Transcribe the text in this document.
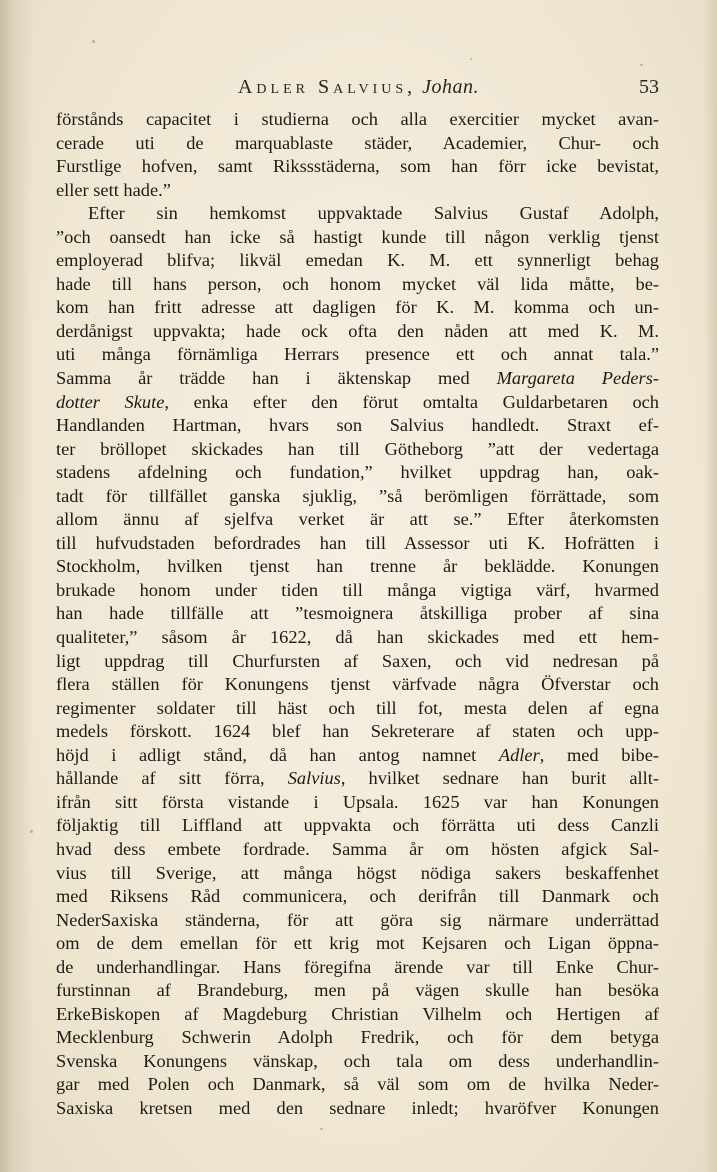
Adler Salvius, Johan.	53
förstånds capacitet i studierna och alla exercitier mycket avan-
cerade uti de marquablaste städer, Academier, Chur- och
Furstlige hofven, samt Rikssstäderna, som han förr icke bevistat,
eller sett hade.”
Efter sin hemkomst uppvaktade Salvius Gustaf Adolph,
”och oansedt han icke så hastigt kunde till någon verklig tjenst
employerad blifva; likväl emedan K. M. ett synnerligt behag
hade till hans person, och honom mycket väl lida måtte, be-
kom han fritt adresse att dagligen för K. M. komma och un-
derdånigst uppvakta; hade ock ofta den nåden att med K. M.
uti många förnämliga Herrars presence ett och annat tala.”
Samma år trädde han i äktenskap med Margareta Peders-
dotter Skute, enka efter den förut omtalta Guldarbetaren och
Handlanden Hartman, hvars son Salvius handledt. Straxt ef-
ter bröllopet skickades han till Götheborg ”att der vedertaga
stadens afdelning och fundation,” hvilket uppdrag han, oak-
tadt för tillfället ganska sjuklig, ”så berömligen förrättade, som
allom ännu af sjelfva verket är att se.” Efter återkomsten
till hufvudstaden befordrades han till Assessor uti K. Hofrätten i
Stockholm, hvilken tjenst han trenne år beklädde. Konungen
brukade honom under tiden till många vigtiga värf, hvarmed
han hade tillfälle att ”tesmoignera åtskilliga prober af sina
qualiteter,” såsom år 1622, då han skickades med ett hem-
ligt uppdrag till Churfursten af Saxen, och vid nedresan på
flera ställen för Konungens tjenst värfvade några Öfverstar och
regimenter soldater till häst och till fot, mesta delen af egna
medels förskott. 1624 blef han Sekreterare af staten och upp-
höjd i adligt stånd, då han antog namnet Adler, med bibe-
hållande af sitt förra, Salvius, hvilket sednare han burit allt-
ifrån sitt första vistande i Upsala. 1625 var han Konungen
följaktig till Liffland att uppvakta och förrätta uti dess Canzli
hvad dess embete fordrade. Samma år om hösten afgick Sal-
vius till Sverige, att många högst nödiga sakers beskaffenhet
med Riksens Råd communicera, och derifrån till Danmark och
NederSaxiska ständerna, för att göra sig närmare underrättad
om de dem emellan för ett krig mot Kejsaren och Ligan öppna-
de underhandlingar. Hans föregifna ärende var till Enke Chur-
furstinnan af Brandeburg, men på vägen skulle han besöka
ErkeBiskopen af Magdeburg Christian Vilhelm och Hertigen af
Mecklenburg Schwerin Adolph Fredrik, och för dem betyga
Svenska Konungens vänskap, och tala om dess underhandlin-
gar med Polen och Danmark, så väl som om de hvilka Neder-
Saxiska kretsen med den sednare inledt; hvaröfver Konungen
